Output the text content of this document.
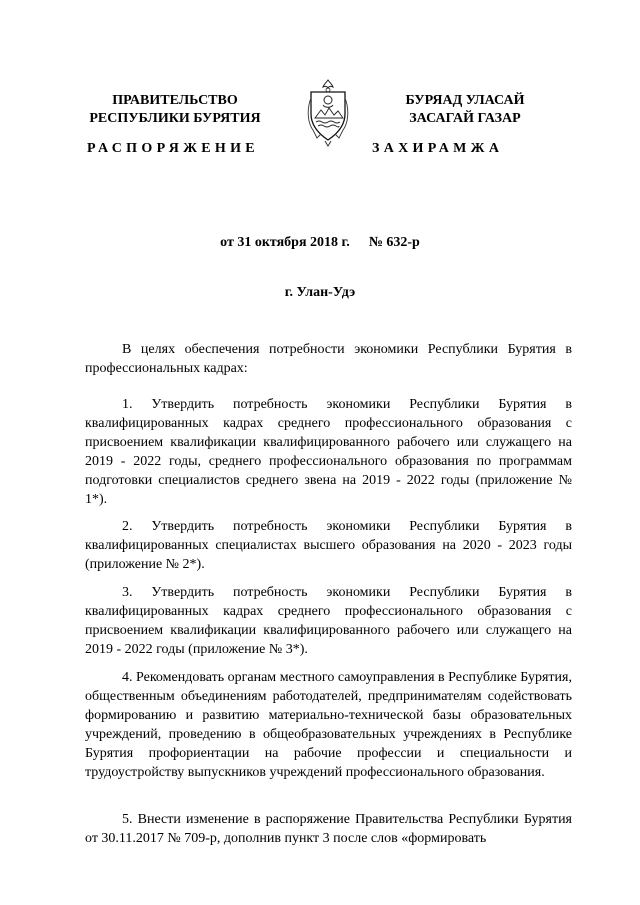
ПРАВИТЕЛЬСТВО
РЕСПУБЛИКИ БУРЯТИЯ
РАСПОРЯЖЕНИЕ
БУРЯАД УЛАСАЙ
ЗАСАГАЙ ГАЗАР
ЗАХИРАМЖА
от 31 октября 2018 г. № 632-р
г. Улан-Удэ

В целях обеспечения потребности экономики Республики Бурятия в профессиональных кадрах:

1. Утвердить потребность экономики Республики Бурятия в квалифицированных кадрах среднего профессионального образования с присвоением квалификации квалифицированного рабочего или служащего на 2019 - 2022 годы, среднего профессионального образования по программам подготовки специалистов среднего звена на 2019 - 2022 годы (приложение № 1*).

2. Утвердить потребность экономики Республики Бурятия в квалифицированных специалистах высшего образования на 2020 - 2023 годы (приложение № 2*).

3. Утвердить потребность экономики Республики Бурятия в квалифицированных кадрах среднего профессионального образования с присвоением квалификации квалифицированного рабочего или служащего на 2019 - 2022 годы (приложение № 3*).

4. Рекомендовать органам местного самоуправления в Республике Бурятия, общественным объединениям работодателей, предпринимателям содействовать формированию и развитию материально-технической базы образовательных учреждений, проведению в общеобразовательных учреждениях в Республике Бурятия профориентации на рабочие профессии и специальности и трудоустройству выпускников учреждений профессионального образования.

5. Внести изменение в распоряжение Правительства Республики Бурятия от 30.11.2017 № 709-р, дополнив пункт 3 после слов «формировать
